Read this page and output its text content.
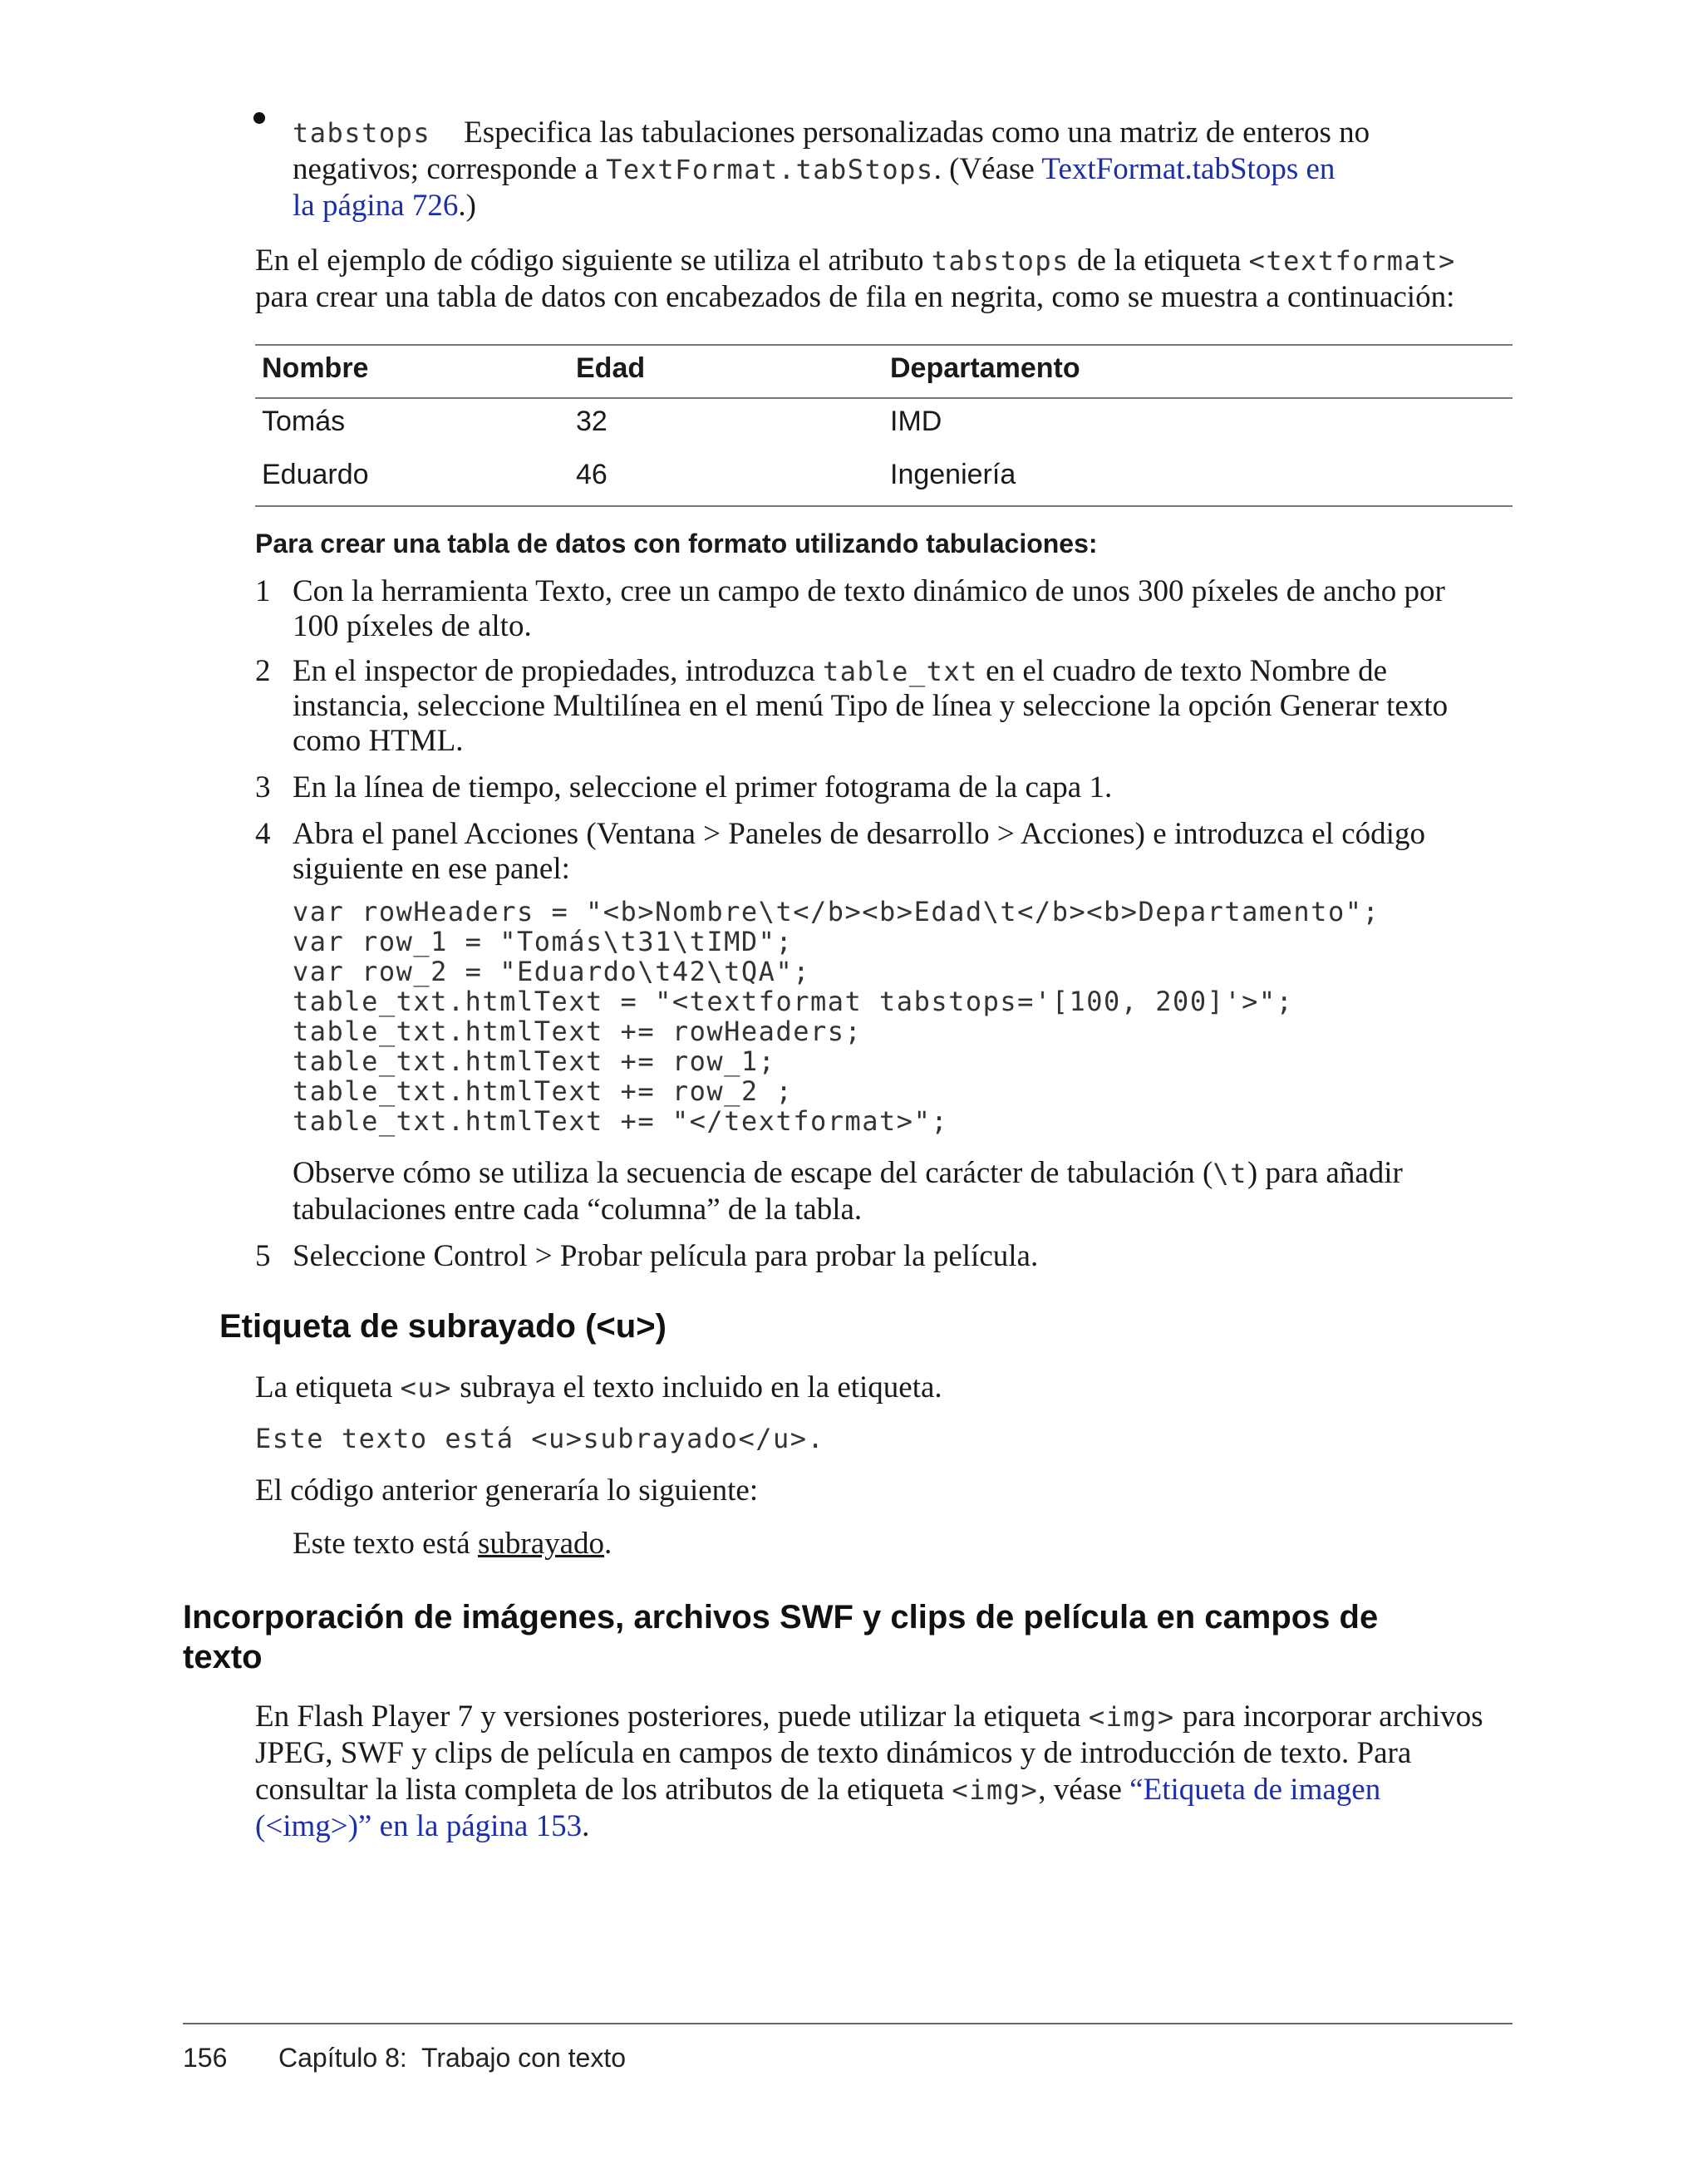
tabstops Especifica las tabulaciones personalizadas como una matriz de enteros no
negativos; corresponde a TextFormat.tabStops. (Véase TextFormat.tabStops en
la página 726.)
En el ejemplo de código siguiente se utiliza el atributo tabstops de la etiqueta <textformat>
para crear una tabla de datos con encabezados de fila en negrita, como se muestra a continuación:
Nombre	Edad	Departamento
Tomás	32	IMD
Eduardo	46	Ingeniería
Para crear una tabla de datos con formato utilizando tabulaciones:
1 Con la herramienta Texto, cree un campo de texto dinámico de unos 300 píxeles de ancho por
100 píxeles de alto.
2 En el inspector de propiedades, introduzca table_txt en el cuadro de texto Nombre de
instancia, seleccione Multilínea en el menú Tipo de línea y seleccione la opción Generar texto
como HTML.
3 En la línea de tiempo, seleccione el primer fotograma de la capa 1.
4 Abra el panel Acciones (Ventana > Paneles de desarrollo > Acciones) e introduzca el código
siguiente en ese panel:
var rowHeaders = "<b>Nombre\t</b><b>Edad\t</b><b>Departamento";
var row_1 = "Tomás\t31\tIMD";
var row_2 = "Eduardo\t42\tQA";
table_txt.htmlText = "<textformat tabstops='[100, 200]'>";
table_txt.htmlText += rowHeaders;
table_txt.htmlText += row_1;
table_txt.htmlText += row_2 ;
table_txt.htmlText += "</textformat>";
Observe cómo se utiliza la secuencia de escape del carácter de tabulación (\t) para añadir
tabulaciones entre cada “columna” de la tabla.
5 Seleccione Control > Probar película para probar la película.
Etiqueta de subrayado (<u>)
La etiqueta <u> subraya el texto incluido en la etiqueta.
Este texto está <u>subrayado</u>.
El código anterior generaría lo siguiente:
Este texto está subrayado.
Incorporación de imágenes, archivos SWF y clips de película en campos de
texto
En Flash Player 7 y versiones posteriores, puede utilizar la etiqueta <img> para incorporar archivos
JPEG, SWF y clips de película en campos de texto dinámicos y de introducción de texto. Para
consultar la lista completa de los atributos de la etiqueta <img>, véase “Etiqueta de imagen
(<img>)” en la página 153.
156 Capítulo 8:  Trabajo con texto
